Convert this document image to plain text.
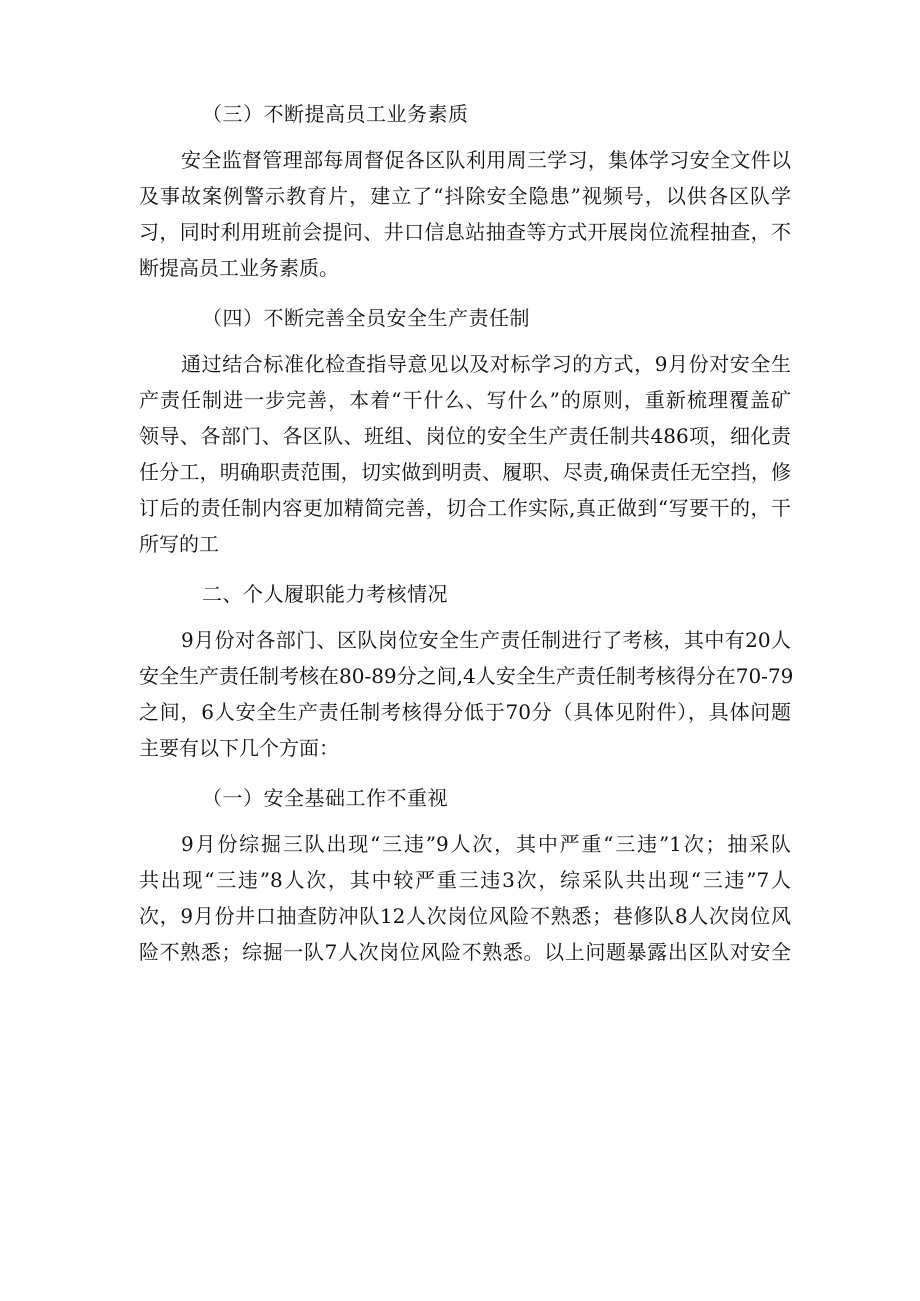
（三）不断提高员工业务素质
安全监督管理部每周督促各区队利用周三学习，集体学习安全文件以
及事故案例警示教育片，建立了“抖除安全隐患”视频号，以供各区队学
习，同时利用班前会提问、井口信息站抽查等方式开展岗位流程抽查，不
断提高员工业务素质。
（四）不断完善全员安全生产责任制
通过结合标准化检查指导意见以及对标学习的方式，9月份对安全生
产责任制进一步完善，本着“干什么、写什么”的原则，重新梳理覆盖矿
领导、各部门、各区队、班组、岗位的安全生产责任制共486项，细化责
任分工，明确职责范围，切实做到明责、履职、尽责,确保责任无空挡，修
订后的责任制内容更加精简完善，切合工作实际,真正做到“写要干的，干
所写的工
二、个人履职能力考核情况
9月份对各部门、区队岗位安全生产责任制进行了考核，其中有20人
安全生产责任制考核在80-89分之间,4人安全生产责任制考核得分在70-79
之间，6人安全生产责任制考核得分低于70分（具体见附件），具体问题
主要有以下几个方面：
（一）安全基础工作不重视
9月份综掘三队出现“三违”9人次，其中严重“三违”1次；抽采队
共出现“三违”8人次，其中较严重三违3次，综采队共出现“三违”7人
次，9月份井口抽查防冲队12人次岗位风险不熟悉；巷修队8人次岗位风
险不熟悉；综掘一队7人次岗位风险不熟悉。以上问题暴露出区队对安全
